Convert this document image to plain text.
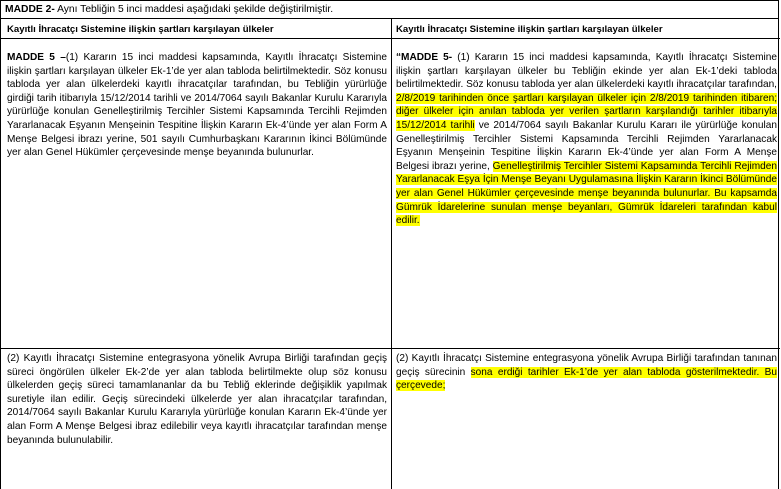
MADDE 2- Aynı Tebliğin 5 inci maddesi aşağıdaki şekilde değiştirilmiştir.
Kayıtlı İhracatçı Sistemine ilişkin şartları karşılayan ülkeler	Kayıtlı İhracatçı Sistemine ilişkin şartları karşılayan ülkeler
MADDE 5 –(1) Kararın 15 inci maddesi kapsamında, Kayıtlı İhracatçı Sistemine ilişkin şartları karşılayan ülkeler Ek-1’de yer alan tabloda belirtilmektedir. Söz konusu tabloda yer alan ülkelerdeki kayıtlı ihracatçılar tarafından, bu Tebliğin yürürlüğe girdiği tarih itibarıyla 15/12/2014 tarihli ve 2014/7064 sayılı Bakanlar Kurulu Kararıyla yürürlüğe konulan Genelleştirilmiş Tercihler Sistemi Kapsamında Tercihli Rejimden Yararlanacak Eşyanın Menşeinin Tespitine İlişkin Kararın Ek-4’ünde yer alan Form A Menşe Belgesi ibrazı yerine, 501 sayılı Cumhurbaşkanı Kararının İkinci Bölümünde yer alan Genel Hükümler çerçevesinde menşe beyanında bulunurlar.
“MADDE 5- (1) Kararın 15 inci maddesi kapsamında, Kayıtlı İhracatçı Sistemine ilişkin şartları karşılayan ülkeler bu Tebliğin ekinde yer alan Ek-1’deki tabloda belirtilmektedir. Söz konusu tabloda yer alan ülkelerdeki kayıtlı ihracatçılar tarafından, 2/8/2019 tarihinden önce şartları karşılayan ülkeler için 2/8/2019 tarihinden itibaren; diğer ülkeler için anılan tabloda yer verilen şartların karşılandığı tarihler itibarıyla 15/12/2014 tarihli ve 2014/7064 sayılı Bakanlar Kurulu Kararı ile yürürlüğe konulan Genelleştirilmiş Tercihler Sistemi Kapsamında Tercihli Rejimden Yararlanacak Eşyanın Menşeinin Tespitine İlişkin Kararın Ek-4’ünde yer alan Form A Menşe Belgesi ibrazı yerine, Genelleştirilmiş Tercihler Sistemi Kapsamında Tercihli Rejimden Yararlanacak Eşya İçin Menşe Beyanı Uygulamasına İlişkin Kararın İkinci Bölümünde yer alan Genel Hükümler çerçevesinde menşe beyanında bulunurlar. Bu kapsamda Gümrük İdarelerine sunulan menşe beyanları, Gümrük İdareleri tarafından kabul edilir.
(2) Kayıtlı İhracatçı Sistemine entegrasyona yönelik Avrupa Birliği tarafından geçiş süreci öngörülen ülkeler Ek-2’de yer alan tabloda belirtilmekte olup söz konusu ülkelerden geçiş süreci tamamlananlar da bu Tebliğ eklerinde değişiklik yapılmak suretiyle ilan edilir. Geçiş sürecindeki ülkelerde yer alan ihracatçılar tarafından, 2014/7064 sayılı Bakanlar Kurulu Kararıyla yürürlüğe konulan Kararın Ek-4’ünde yer alan Form A Menşe Belgesi ibraz edilebilir veya kayıtlı ihracatçılar tarafından menşe beyanında bulunulabilir.
(2) Kayıtlı İhracatçı Sistemine entegrasyona yönelik Avrupa Birliği tarafından tanınan geçiş sürecinin sona erdiği tarihler Ek-1’de yer alan tabloda gösterilmektedir. Bu çerçevede;
